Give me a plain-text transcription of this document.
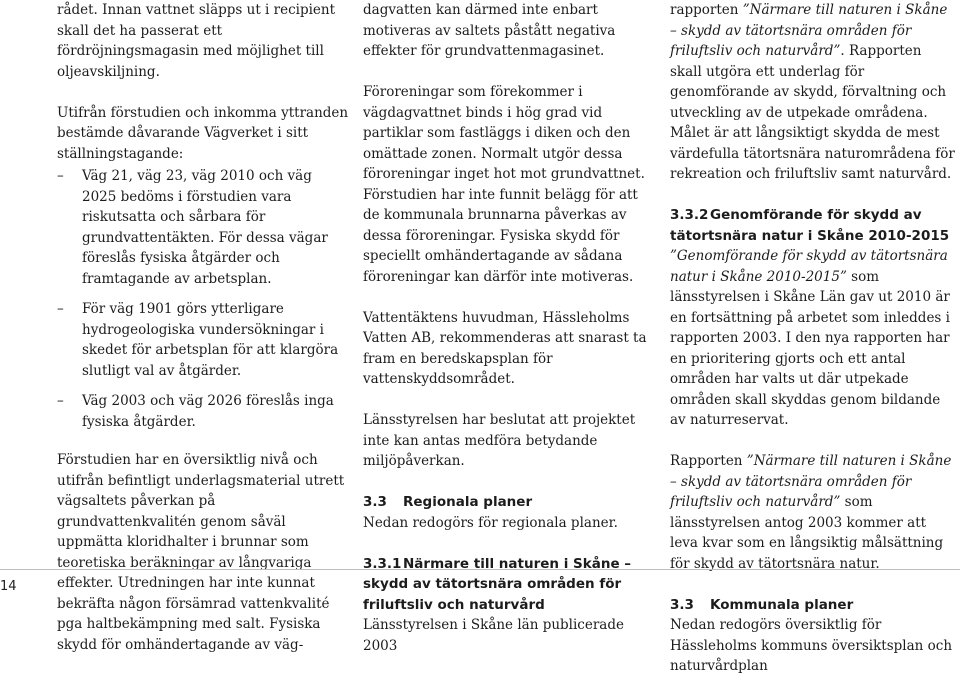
rådet. Innan vattnet släpps ut i recipient skall det ha passerat ett fördröjningsmagasin med möjlighet till oljeavskiljning.

Utifrån förstudien och inkomma yttranden bestämde dåvarande Vägverket i sitt ställningstagande:

– Väg 21, väg 23, väg 2010 och väg 2025 bedöms i förstudien vara riskutsatta och sårbara för grundvattentäkten. För dessa vägar föreslås fysiska åtgärder och framtagande av arbetsplan.

– För väg 1901 görs ytterligare hydrogeologiska vundersökningar i skedet för arbetsplan för att klargöra slutligt val av åtgärder.

– Väg 2003 och väg 2026 föreslås inga fysiska åtgärder.

Förstudien har en översiktlig nivå och utifrån befintligt underlagsmaterial utrett vägsaltets påverkan på grundvattenkvalitén genom såväl uppmätta kloridhalter i brunnar som teoretiska beräkningar av långvariga effekter. Utredningen har inte kunnat bekräfta någon försämrad vattenkvalité pga haltbekämpning med salt. Fysiska skydd för omhändertagande av väg-

dagvatten kan därmed inte enbart motiveras av saltets påstått negativa effekter för grundvattenmagasinet.

Föroreningar som förekommer i vägdagvattnet binds i hög grad vid partiklar som fastläggs i diken och den omättade zonen. Normalt utgör dessa föroreningar inget hot mot grundvattnet. Förstudien har inte funnit belägg för att de kommunala brunnarna påverkas av dessa föroreningar. Fysiska skydd för speciellt omhändertagande av sådana föroreningar kan därför inte motiveras.

Vattentäktens huvudman, Hässleholms Vatten AB, rekommenderas att snarast ta fram en beredskapsplan för vattenskyddsområdet.

Länsstyrelsen har beslutat att projektet inte kan antas medföra betydande miljöpåverkan.

3.3 Regionala planer

Nedan redogörs för regionala planer.

3.3.1 Närmare till naturen i Skåne – skydd av tätortsnära områden för friluftsliv och naturvård

Länsstyrelsen i Skåne län publicerade 2003

rapporten ”Närmare till naturen i Skåne – skydd av tätortsnära områden för friluftsliv och naturvård”. Rapporten skall utgöra ett underlag för genomförande av skydd, förvaltning och utveckling av de utpekade områdena. Målet är att långsiktigt skydda de mest värdefulla tätortsnära naturområdena för rekreation och friluftsliv samt naturvård.

3.3.2 Genomförande för skydd av tätortsnära natur i Skåne 2010-2015

”Genomförande för skydd av tätortsnära natur i Skåne 2010-2015” som länsstyrelsen i Skåne Län gav ut 2010 är en fortsättning på arbetet som inleddes i rapporten 2003. I den nya rapporten har en prioritering gjorts och ett antal områden har valts ut där utpekade områden skall skyddas genom bildande av naturreservat.

Rapporten ”Närmare till naturen i Skåne – skydd av tätortsnära områden för friluftsliv och naturvård” som länsstyrelsen antog 2003 kommer att leva kvar som en långsiktig målsättning för skydd av tätortsnära natur.

3.3 Kommunala planer

Nedan redogörs översiktlig för Hässleholms kommuns översiktsplan och naturvårdplan

14
